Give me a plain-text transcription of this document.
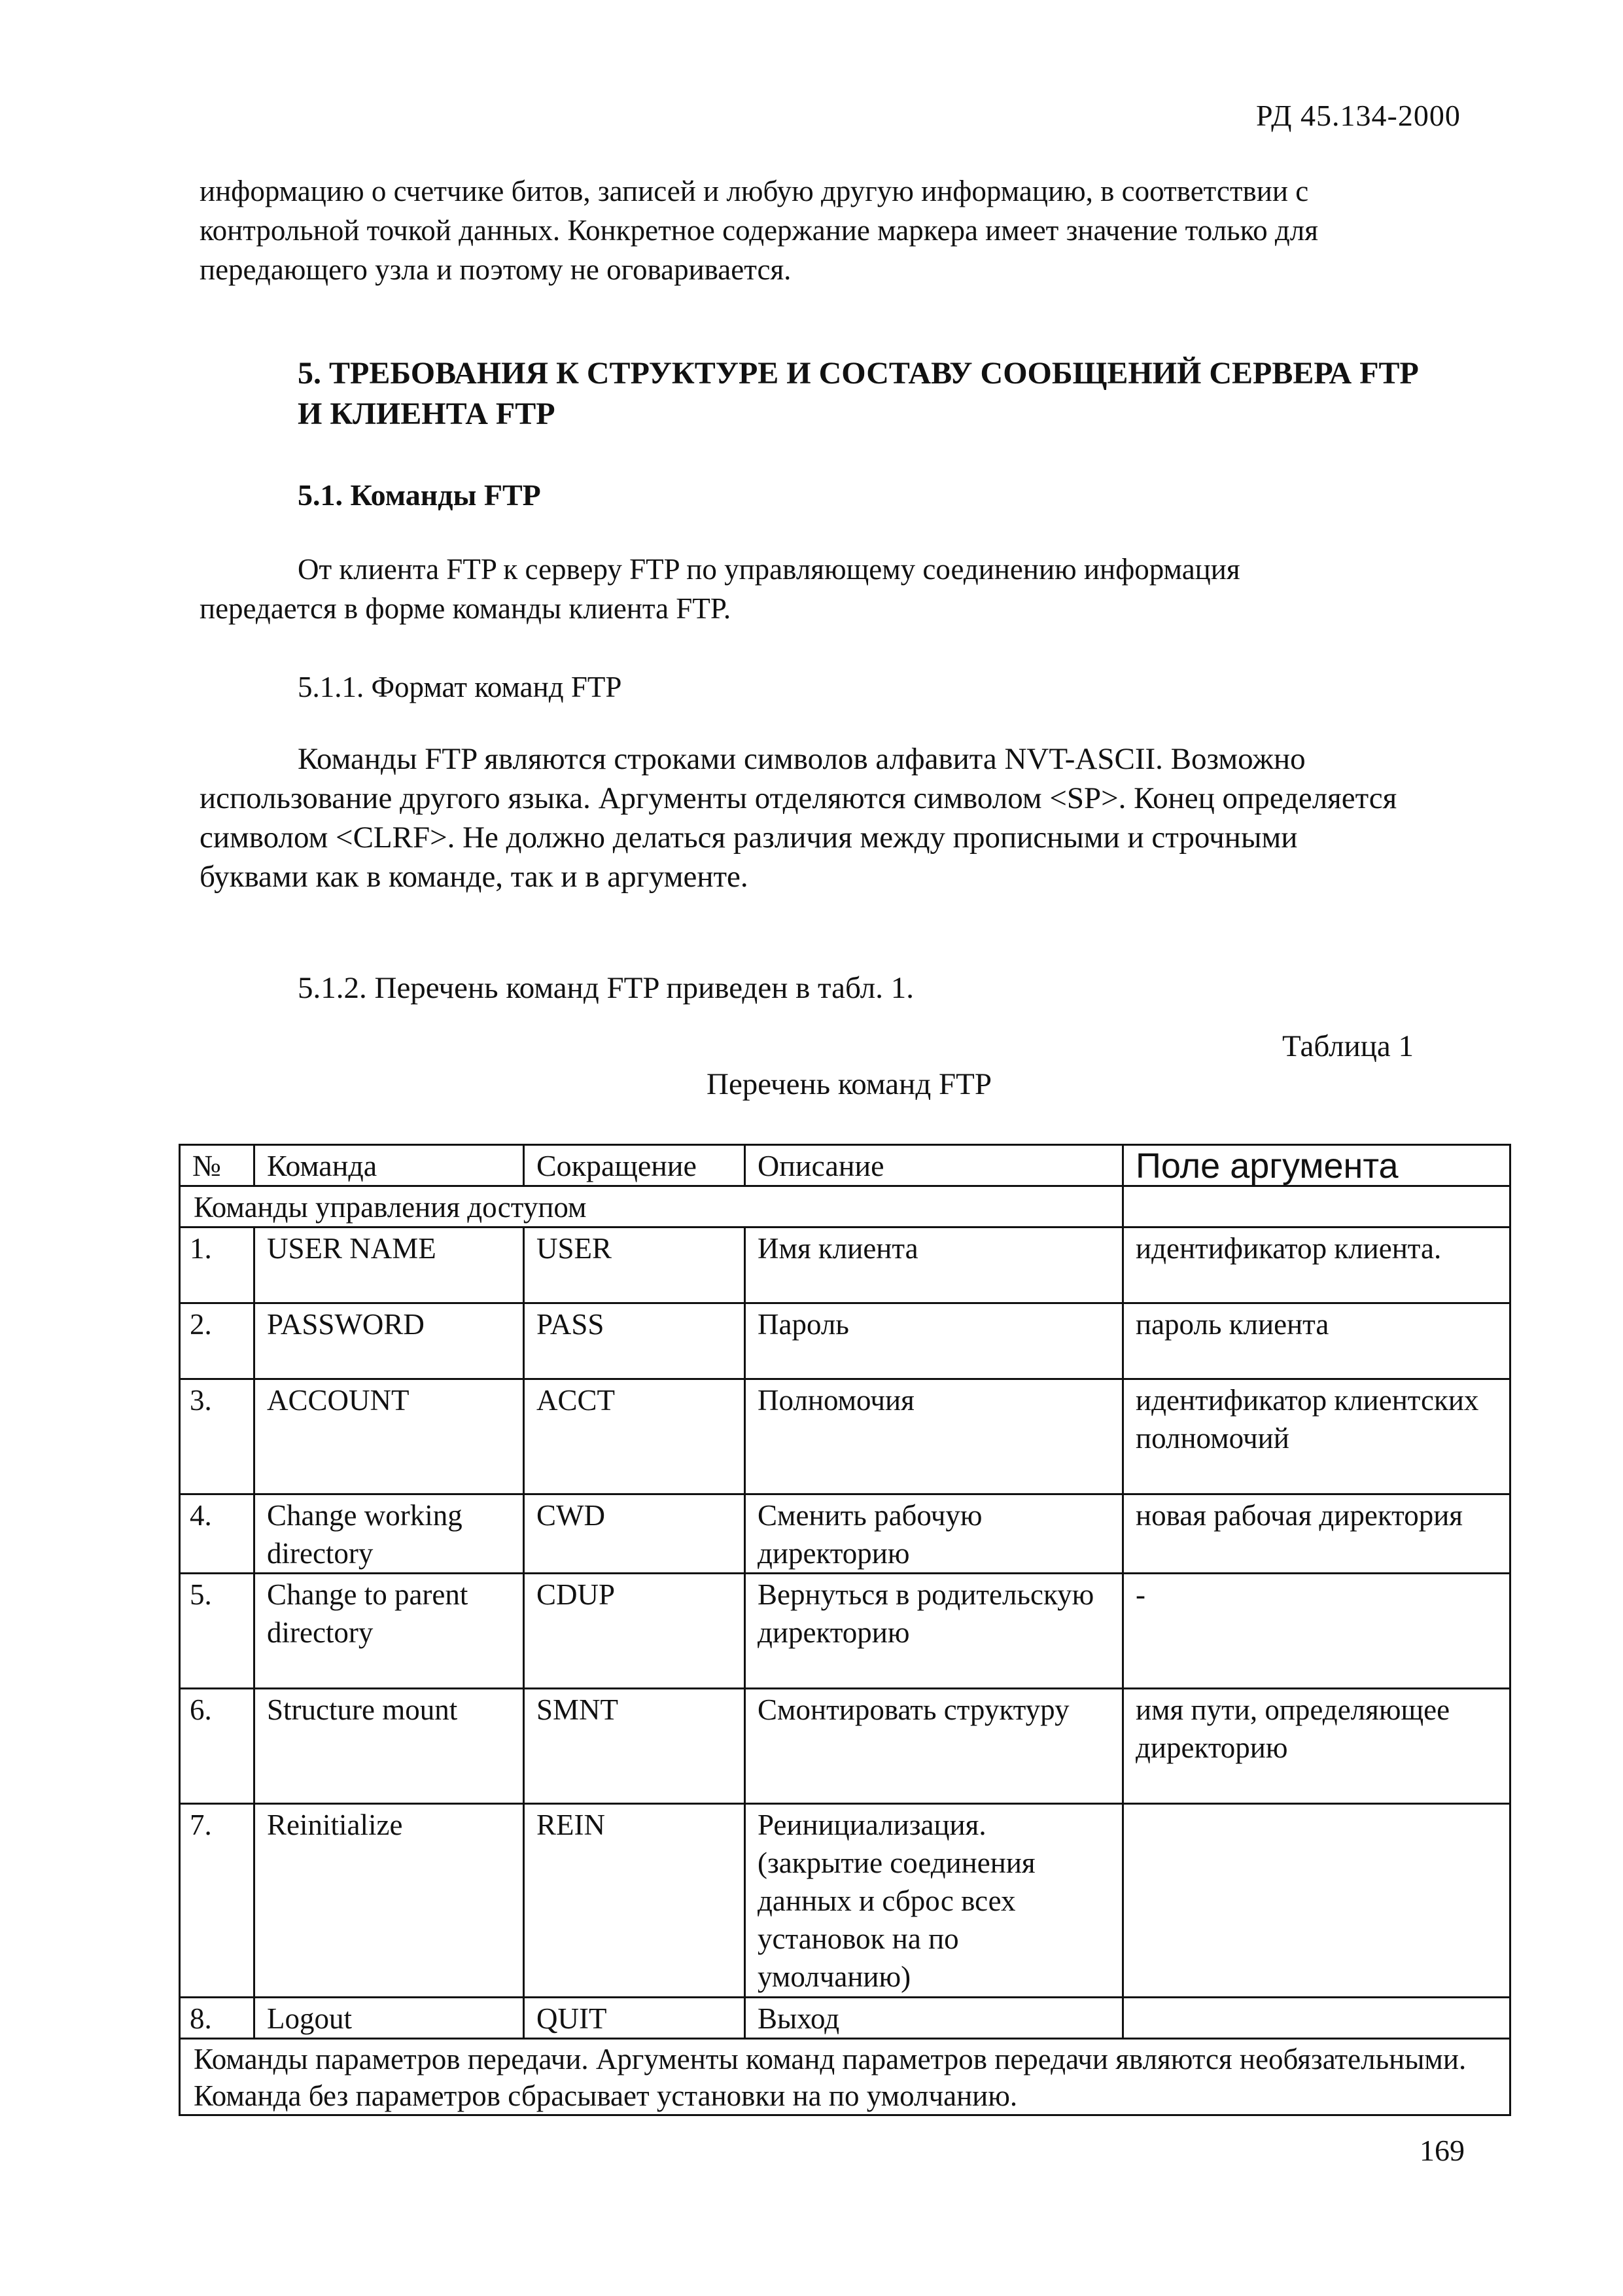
РД 45.134-2000
информацию о счетчике битов, записей и любую другую информацию, в соответствии с
контрольной точкой данных. Конкретное содержание маркера имеет значение только для
передающего узла и поэтому не оговаривается.
5. ТРЕБОВАНИЯ К СТРУКТУРЕ И СОСТАВУ СООБЩЕНИЙ СЕРВЕРА FTP
И КЛИЕНТА FTP
5.1. Команды FTP
От клиента FTP к серверу FTP по управляющему соединению информация
передается в форме команды клиента FTP.
5.1.1. Формат команд FTP
Команды FTP являются строками символов алфавита NVT-ASCII. Возможно
использование другого языка. Аргументы отделяются символом <SP>. Конец определяется
символом <CLRF>. Не должно делаться различия между прописными и строчными
буквами как в команде, так и в аргументе.
5.1.2. Перечень команд FTP приведен в табл. 1.
Таблица 1
Перечень команд FTP
№	Команда	Сокращение	Описание	Поле аргумента
Команды управления доступом				
1.	USER NAME	USER	Имя клиента	идентификатор клиента.
2.	PASSWORD	PASS	Пароль	пароль клиента
3.	ACCOUNT	ACCT	Полномочия	идентификатор клиентских полномочий
4.	Change working directory	CWD	Сменить рабочую директорию	новая рабочая директория
5.	Change to parent directory	CDUP	Вернуться в родительскую директорию	-
6.	Structure mount	SMNT	Смонтировать структуру	имя пути, определяющее директорию
7.	Reinitialize	REIN	Реинициализация. (закрытие соединения данных и сброс всех установок на по умолчанию)	
8.	Logout	QUIT	Выход	
Команды параметров передачи. Аргументы команд параметров передачи являются необязательными. Команда без параметров сбрасывает установки на по умолчанию.				
169
